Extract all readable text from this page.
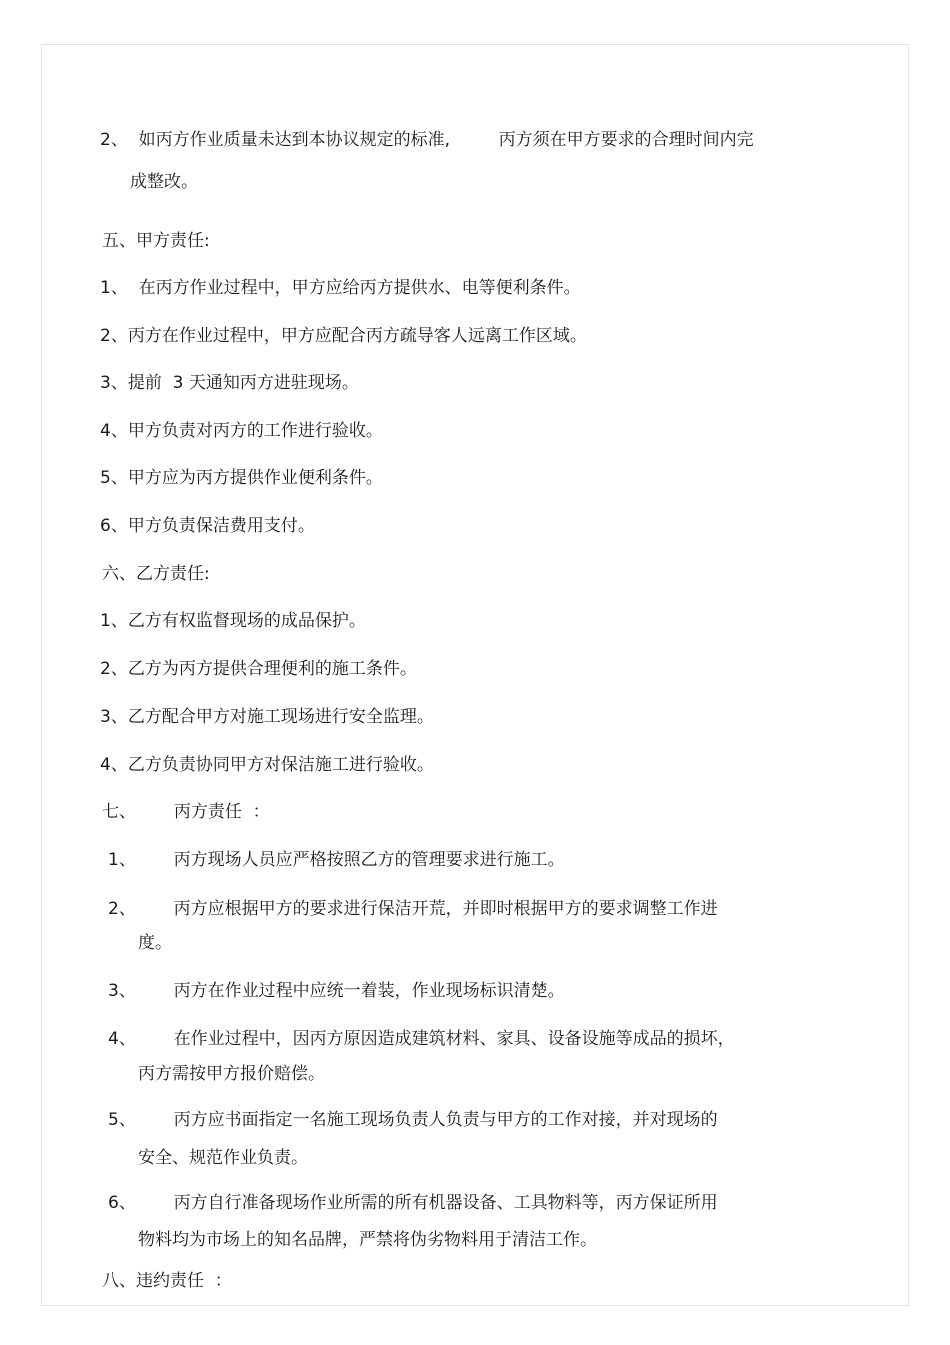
2、  如丙方作业质量未达到本协议规定的标准,         丙方须在甲方要求的合理时间内完
成整改。
五、甲方责任:
1、  在丙方作业过程中，甲方应给丙方提供水、电等便利条件。
2、丙方在作业过程中，甲方应配合丙方疏导客人远离工作区域。
3、提前  3 天通知丙方进驻现场。
4、甲方负责对丙方的工作进行验收。
5、甲方应为丙方提供作业便利条件。
6、甲方负责保洁费用支付。
六、乙方责任:
1、乙方有权监督现场的成品保护。
2、乙方为丙方提供合理便利的施工条件。
3、乙方配合甲方对施工现场进行安全监理。
4、乙方负责协同甲方对保洁施工进行验收。
七、       丙方责任  ：
1、       丙方现场人员应严格按照乙方的管理要求进行施工。
2、       丙方应根据甲方的要求进行保洁开荒，并即时根据甲方的要求调整工作进
度。
3、       丙方在作业过程中应统一着装，作业现场标识清楚。
4、       在作业过程中，因丙方原因造成建筑材料、家具、设备设施等成品的损坏，
丙方需按甲方报价赔偿。
5、       丙方应书面指定一名施工现场负责人负责与甲方的工作对接，并对现场的
安全、规范作业负责。
6、       丙方自行准备现场作业所需的所有机器设备、工具物料等，丙方保证所用
物料均为市场上的知名品牌，严禁将伪劣物料用于清洁工作。
八、违约责任  ：
